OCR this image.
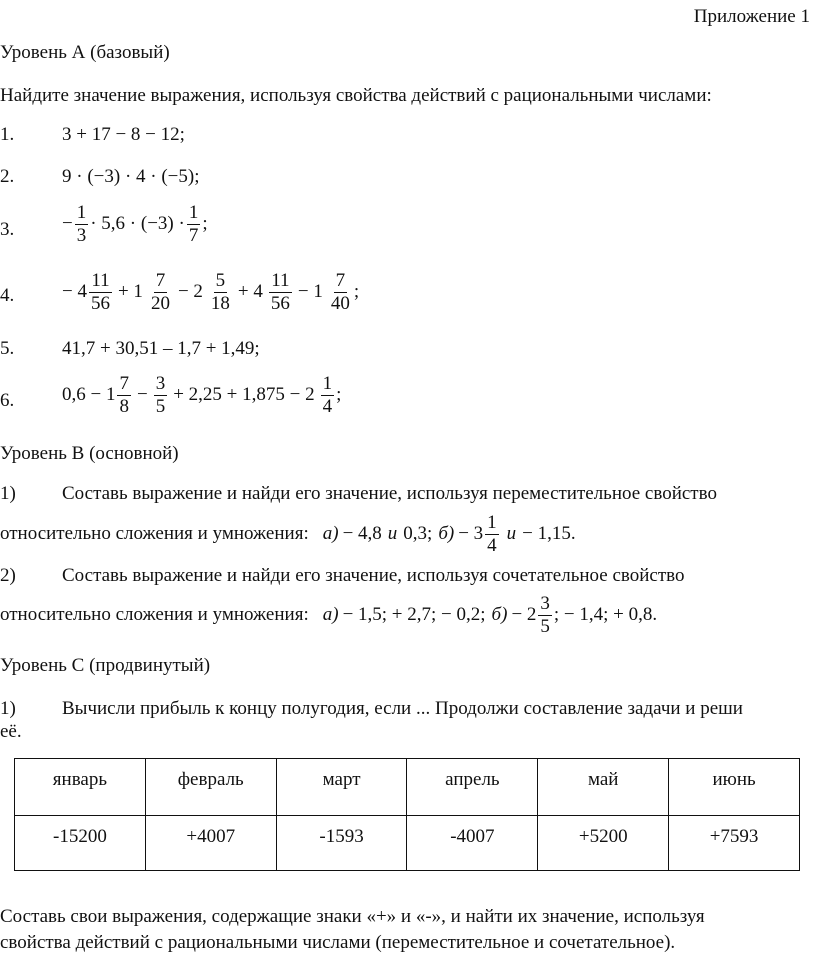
Приложение 1
Уровень А (базовый)
Найдите значение выражения, используя свойства действий с рациональными числами:
1.	3 + 17 − 8 − 12;
2.	9 · (−3) · 4 · (−5);
3.	− $\frac{1}{3} \cdot 5,6 \cdot (-3) \cdot \frac{1}{7}$ ;
4.	− $4 \frac{11}{56} + 1 \frac{7}{20} - 2 \frac{5}{18} + 4 \frac{11}{56} - 1 \frac{7}{40}$ ;
5.	41,7 + 30,51 – 1,7 + 1,49;
6.	$0,6 - 1 \frac{7}{8} - \frac{3}{5} + 2,25 + 1,875 - 2 \frac{1}{4}$ ;
Уровень В (основной)
1) Составь выражение и найди его значение, используя переместительное свойство
относительно сложения и умножения: а) − 4,8 и 0,3; $б) - 3 \frac{1}{4}$ и − 1,15.
2) Составь выражение и найди его значение, используя сочетательное свойство
относительно сложения и умножения: а) − 1,5; + 2,7; − 0,2; $б) - 2 \frac{3}{5}$ ; − 1,4; + 0,8.
Уровень С (продвинутый)
1) Вычисли прибыль к концу полугодия, если ... Продолжи составление задачи и реши
её.
январь	февраль	март	апрель	май	июнь
-15200	+4007	-1593	-4007	+5200	+7593
Составь свои выражения, содержащие знаки «+» и «-», и найти их значение, используя
свойства действий с рациональными числами (переместительное и сочетательное).
